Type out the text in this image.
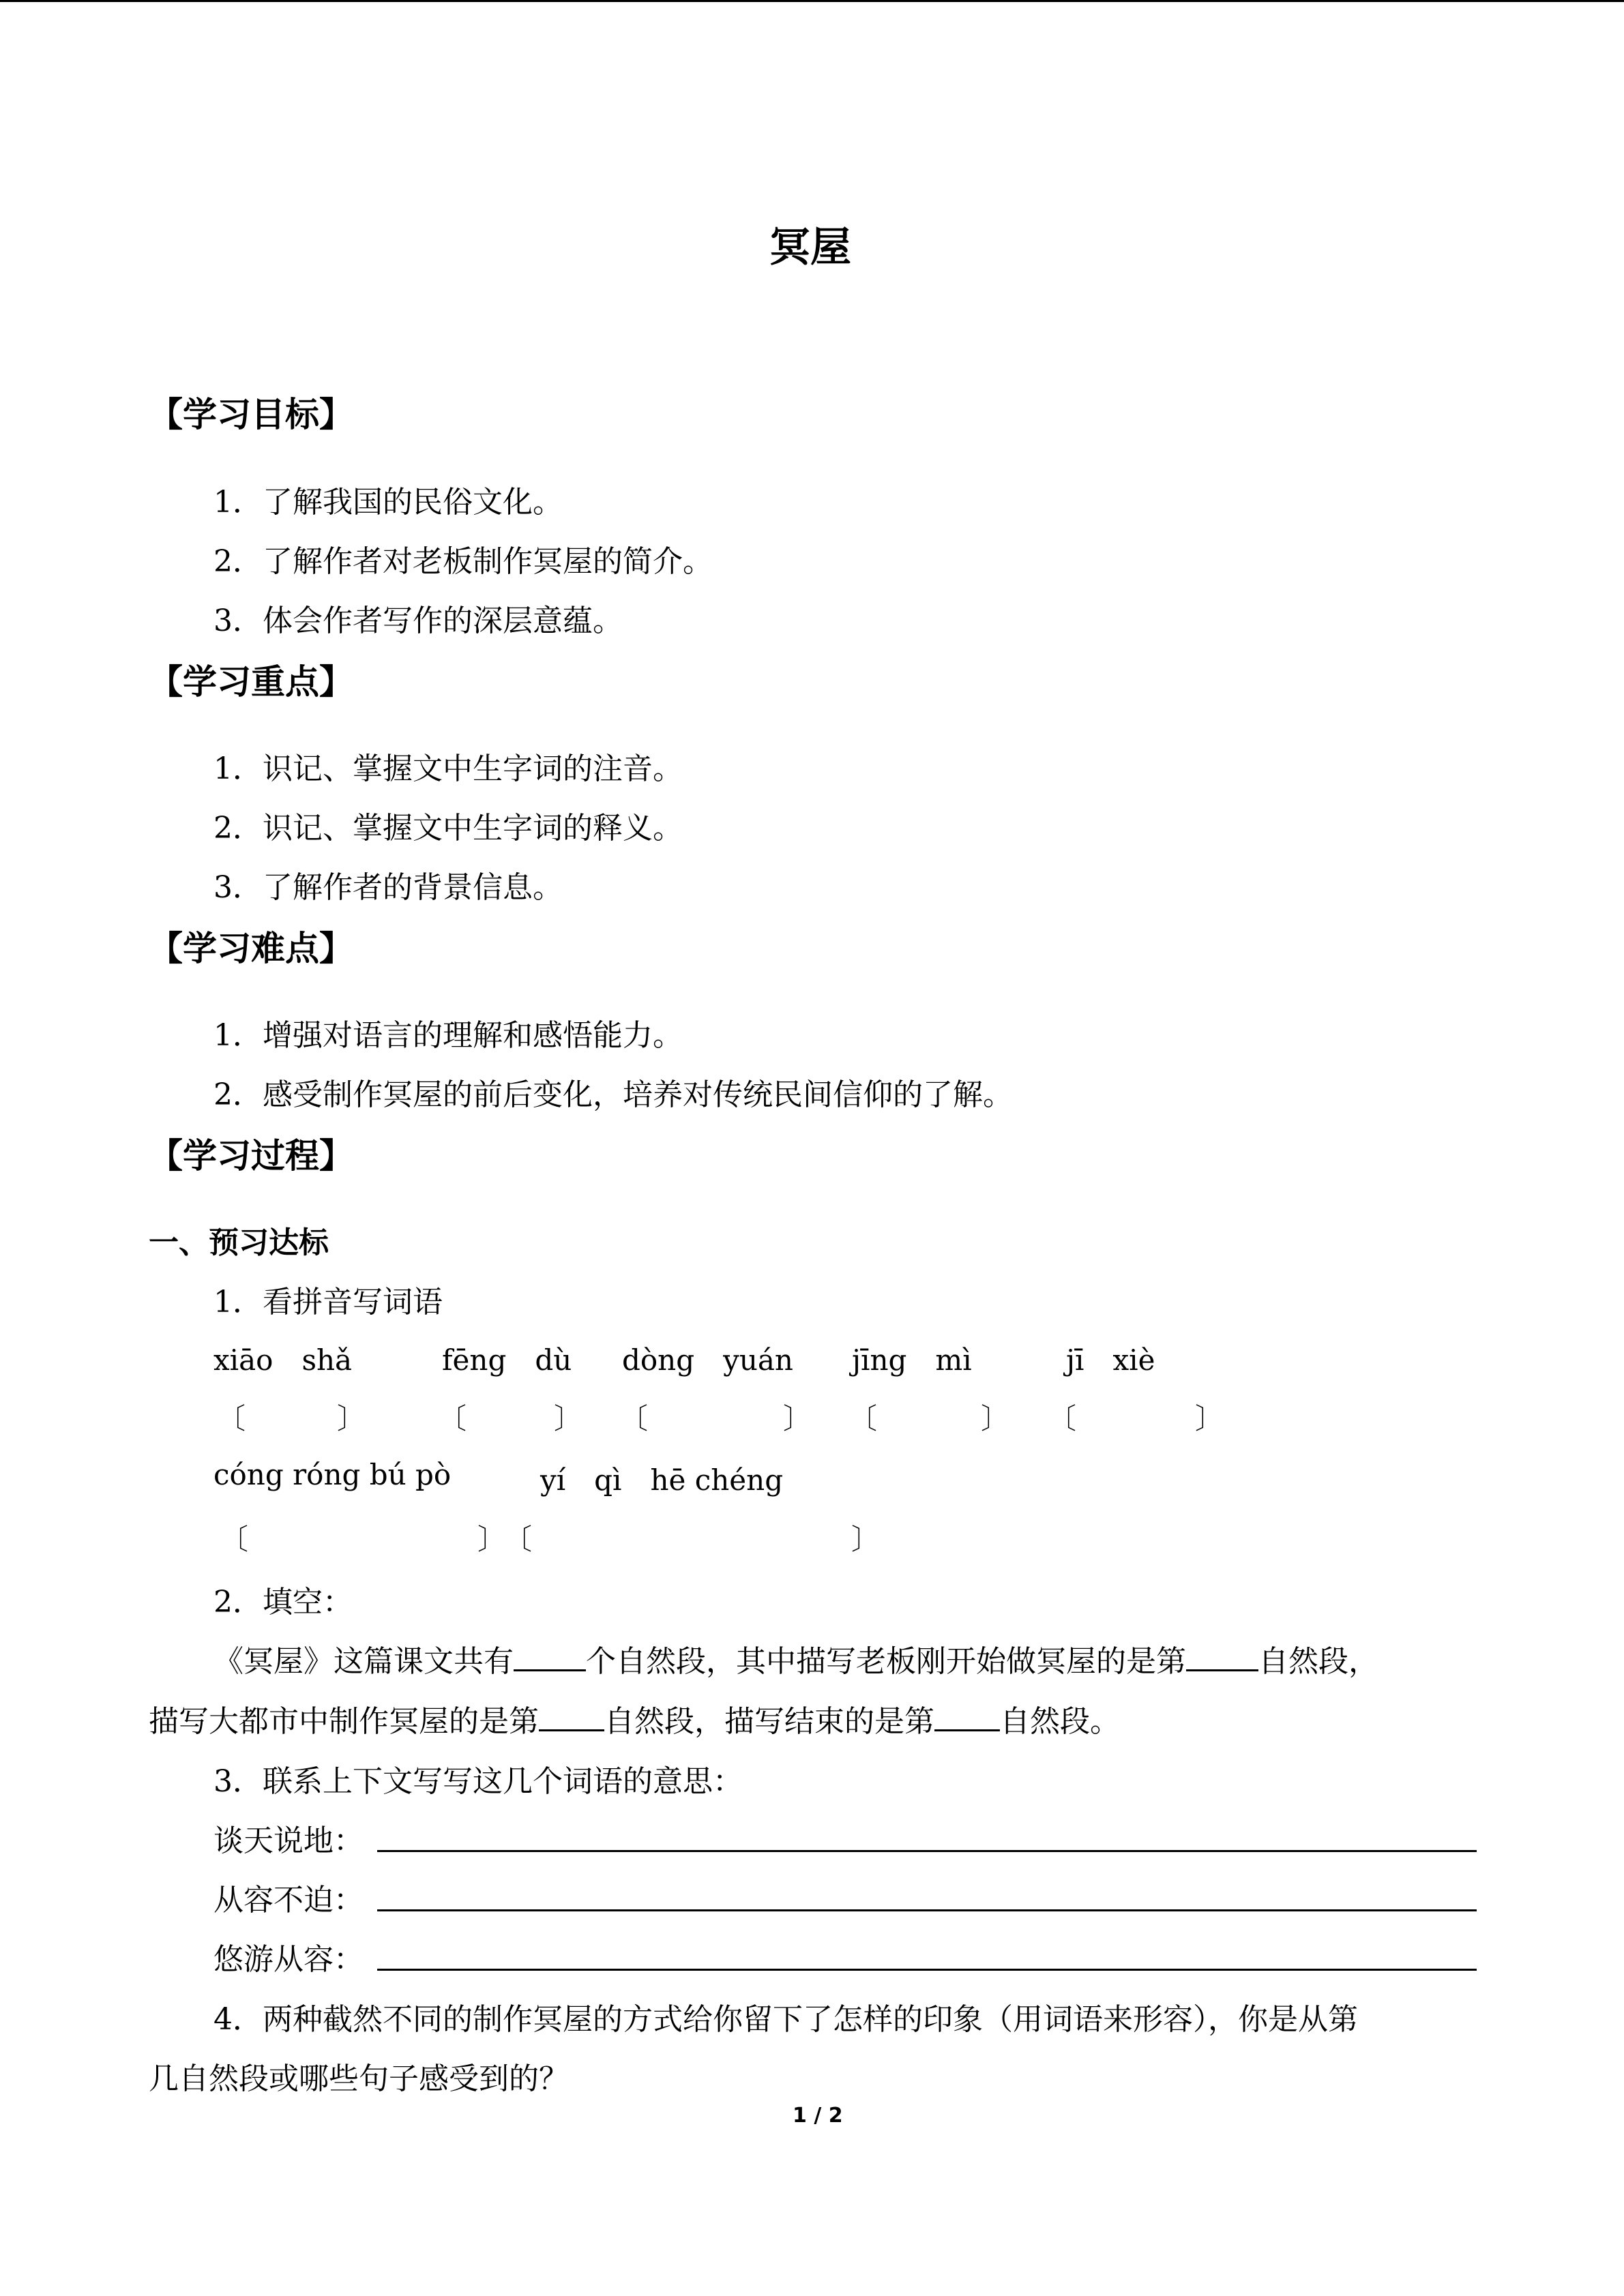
冥屋
【学习目标】
1．了解我国的民俗文化。
2．了解作者对老板制作冥屋的简介。
3．体会作者写作的深层意蕴。
【学习重点】
1．识记、掌握文中生字词的注音。
2．识记、掌握文中生字词的释义。
3．了解作者的背景信息。
【学习难点】
1．增强对语言的理解和感悟能力。
2．感受制作冥屋的前后变化，培养对传统民间信仰的了解。
【学习过程】
一、预习达标
1．看拼音写词语
xiāo　shǎ	fēng　dù dòng　yuán jīng　mì	jī　xiè
〔	〕	〔	〕 〔	〕 〔	〕 〔	〕
cóng róng bú pò	yí　qì　hē chéng
〔	〕
〔	〕
2．填空：
《冥屋》这篇课文共有 个自然段，其中描写老板刚开始做冥屋的是第 自然段，
描写大都市中制作冥屋的是第 自然段，描写结束的是第 自然段。
3．联系上下文写写这几个词语的意思：
谈天说地：
从容不迫：
悠游从容：
4．两种截然不同的制作冥屋的方式给你留下了怎样的印象（用词语来形容），你是从第
几自然段或哪些句子感受到的？
1 / 2
